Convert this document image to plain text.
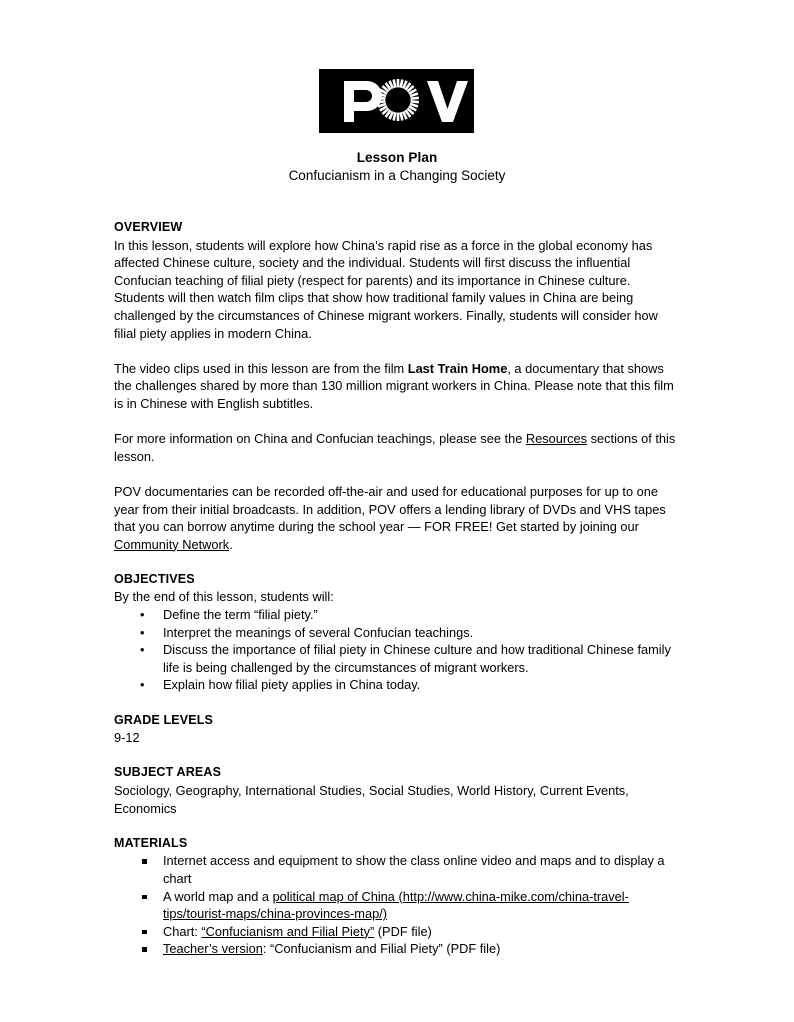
Lesson Plan
Confucianism in a Changing Society
OVERVIEW

In this lesson, students will explore how China’s rapid rise as a force in the global economy has affected Chinese culture, society and the individual. Students will first discuss the influential Confucian teaching of filial piety (respect for parents) and its importance in Chinese culture. Students will then watch film clips that show how traditional family values in China are being challenged by the circumstances of Chinese migrant workers. Finally, students will consider how filial piety applies in modern China.

The video clips used in this lesson are from the film Last Train Home, a documentary that shows the challenges shared by more than 130 million migrant workers in China. Please note that this film is in Chinese with English subtitles.

For more information on China and Confucian teachings, please see the Resources sections of this lesson.

POV documentaries can be recorded off-the-air and used for educational purposes for up to one year from their initial broadcasts. In addition, POV offers a lending library of DVDs and VHS tapes that you can borrow anytime during the school year — FOR FREE! Get started by joining our Community Network.

OBJECTIVES

By the end of this lesson, students will:

• Define the term “filial piety.”
• Interpret the meanings of several Confucian teachings.
• Discuss the importance of filial piety in Chinese culture and how traditional Chinese family life is being challenged by the circumstances of migrant workers.
• Explain how filial piety applies in China today.
GRADE LEVELS

9-12

SUBJECT AREAS

Sociology, Geography, International Studies, Social Studies, World History, Current Events, Economics

MATERIALS
Internet access and equipment to show the class online video and maps and to display a chart
A world map and a political map of China (http://www.china-mike.com/china-travel-tips/tourist-maps/china-provinces-map/)
Chart: “Confucianism and Filial Piety” (PDF file)
Teacher’s version: “Confucianism and Filial Piety” (PDF file)
